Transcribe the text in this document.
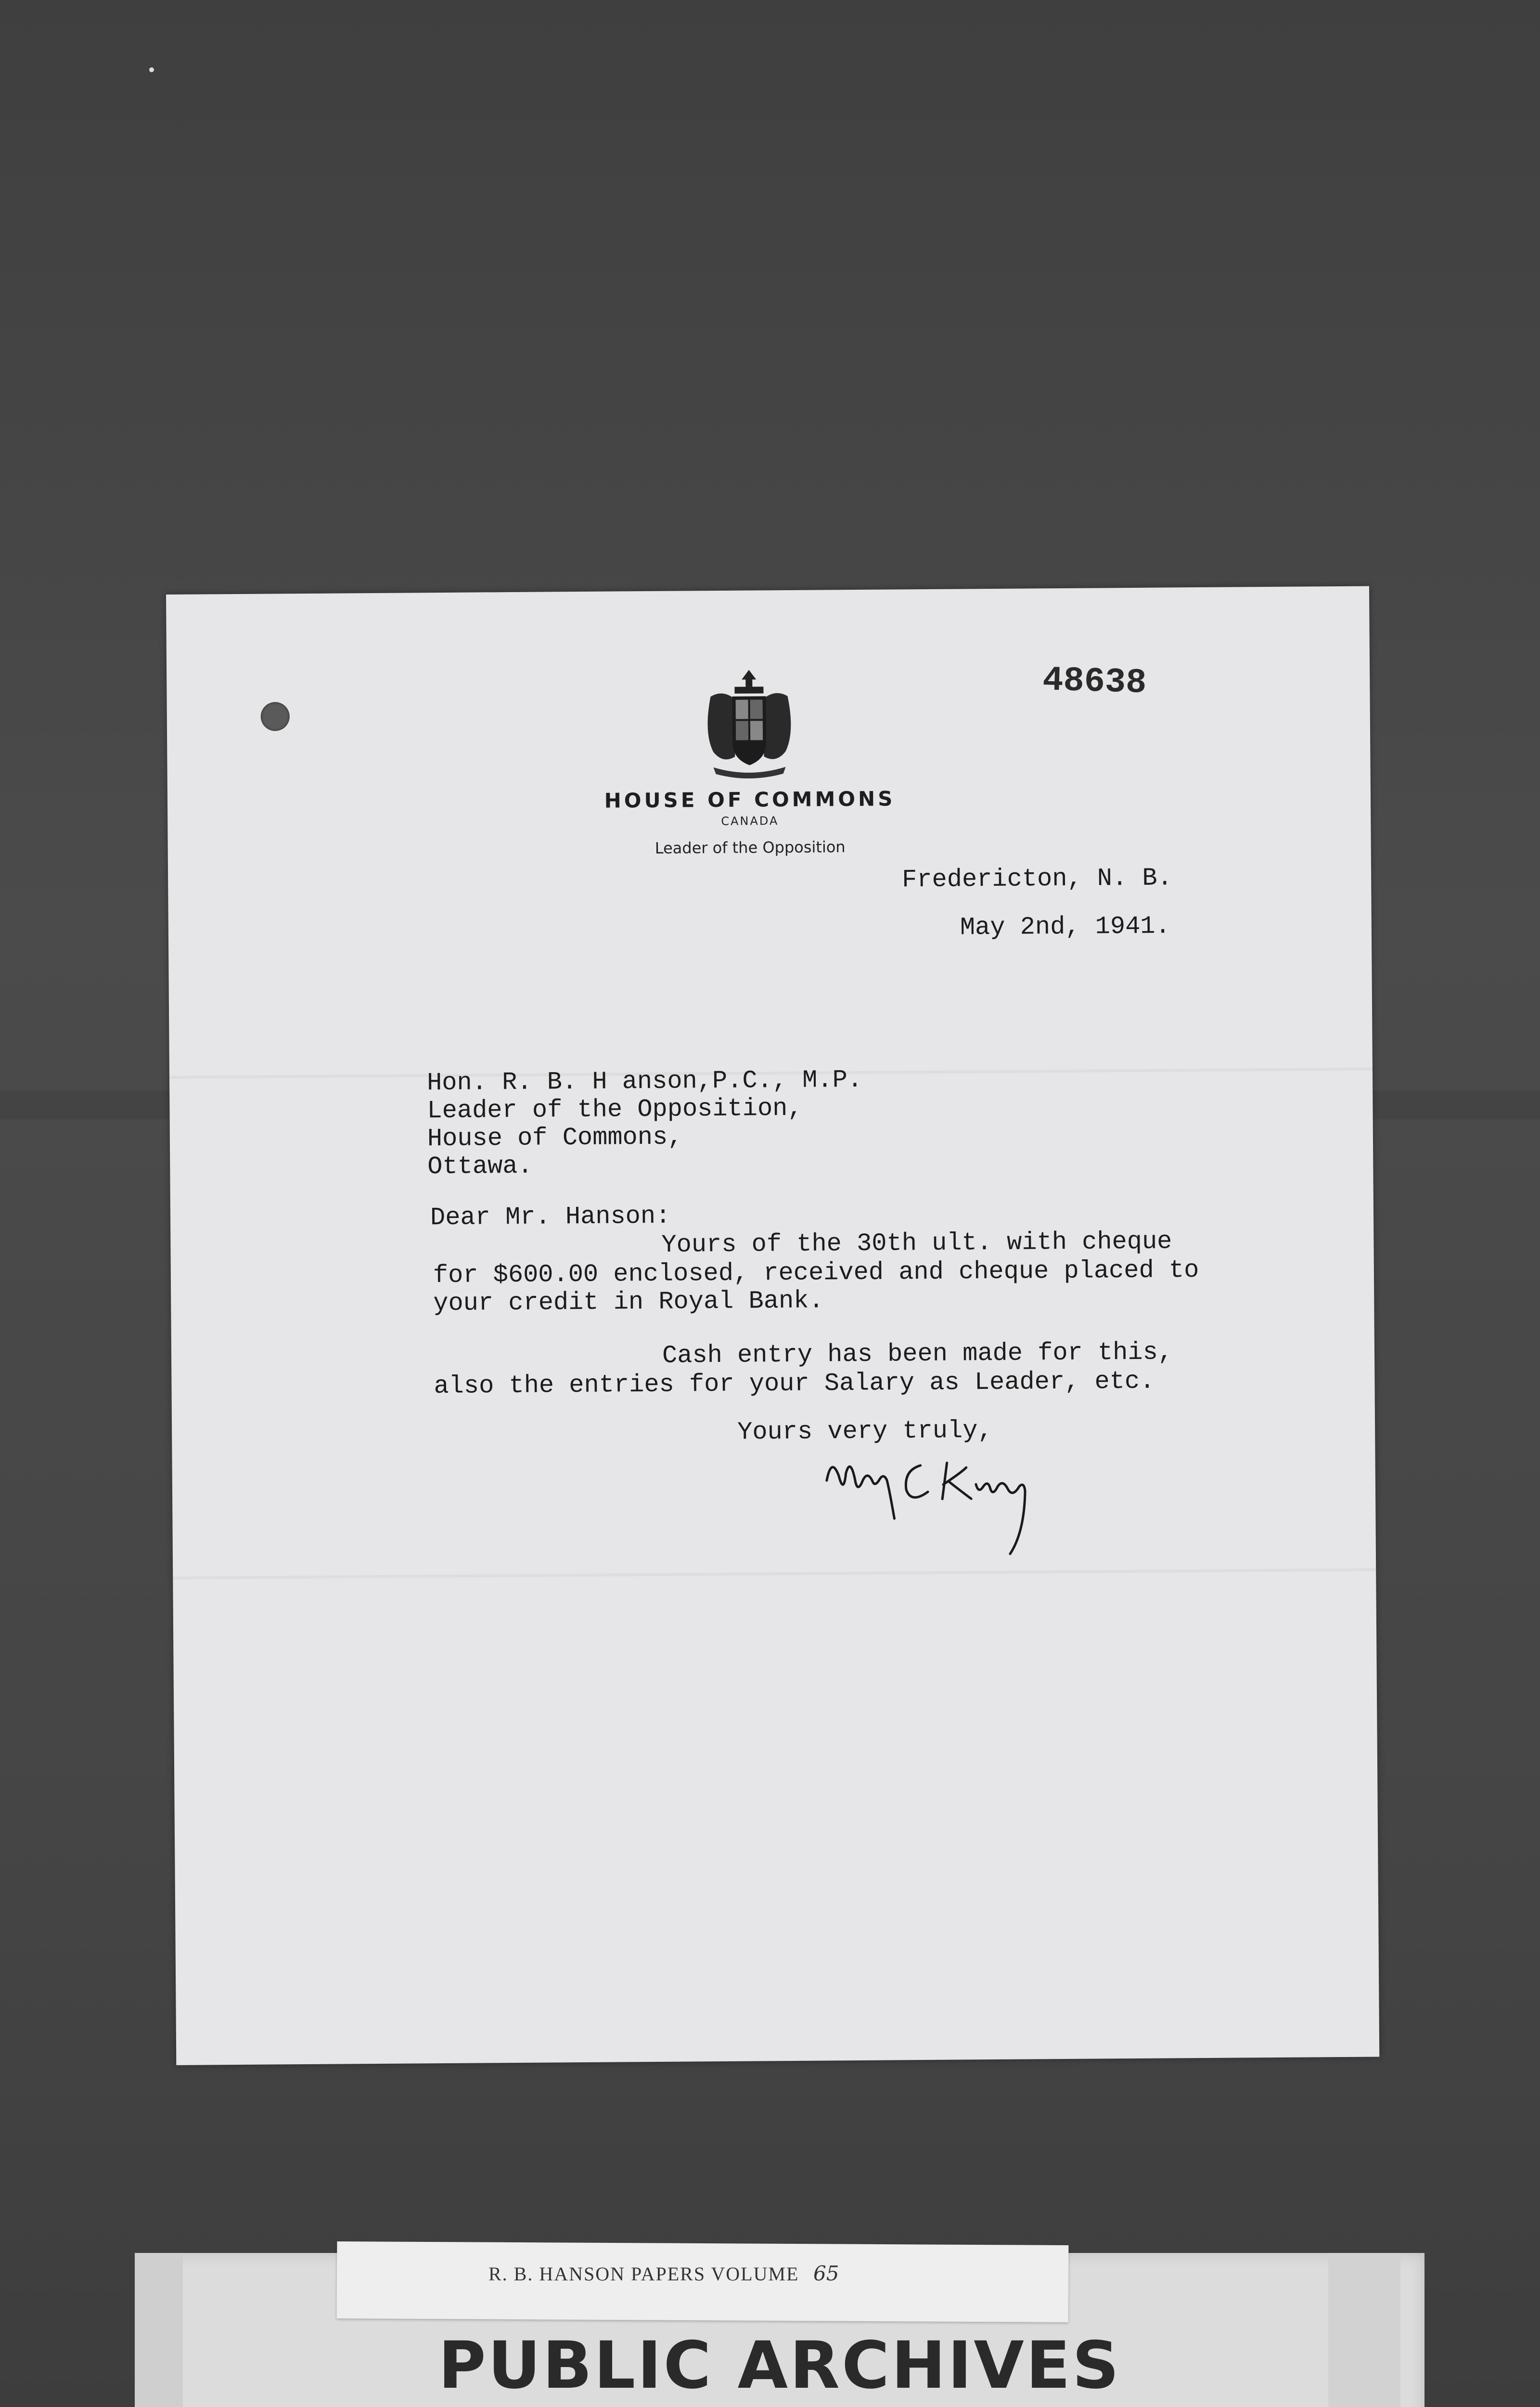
48638
HOUSE OF COMMONS
CANADA
Leader of the Opposition
Fredericton, N. B.
May 2nd, 1941.
Hon. R. B. H anson,P.C., M.P.
Leader of the Opposition,
House of Commons,
Ottawa.
Dear Mr. Hanson:
Yours of the 30th ult. with cheque
for $600.00 enclosed, received and cheque placed to
your credit in Royal Bank.
Cash entry has been made for this,
also the entries for your Salary as Leader, etc.
Yours very truly,
R. B. HANSON PAPERS VOLUME 65
PUBLIC ARCHIVES
